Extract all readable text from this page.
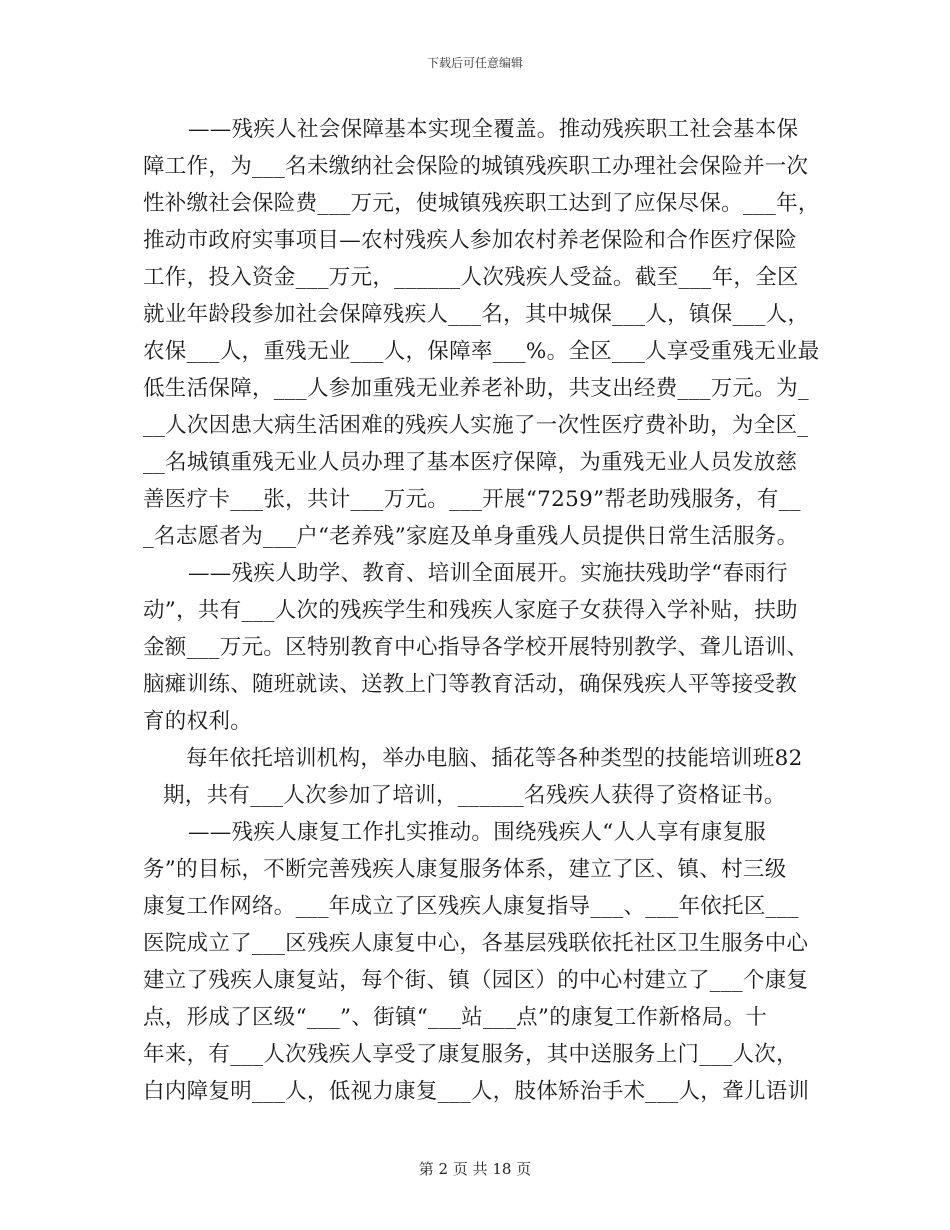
下载后可任意编辑
——残疾人社会保障基本实现全覆盖。推动残疾职工社会基本保
障工作，为___名未缴纳社会保险的城镇残疾职工办理社会保险并一次
性补缴社会保险费___万元，使城镇残疾职工达到了应保尽保。___年，
推动市政府实事项目—农村残疾人参加农村养老保险和合作医疗保险
工作，投入资金___万元，______人次残疾人受益。截至___年，全区
就业年龄段参加社会保障残疾人___名，其中城保___人，镇保___人，
农保___人，重残无业___人，保障率___%。全区___人享受重残无业最
低生活保障，___人参加重残无业养老补助，共支出经费___万元。为_
__人次因患大病生活困难的残疾人实施了一次性医疗费补助，为全区_
__名城镇重残无业人员办理了基本医疗保障，为重残无业人员发放慈
善医疗卡___张，共计___万元。___开展“7259”帮老助残服务，有__
_名志愿者为___户“老养残”家庭及单身重残人员提供日常生活服务。
——残疾人助学、教育、培训全面展开。实施扶残助学“春雨行
动”，共有___人次的残疾学生和残疾人家庭子女获得入学补贴，扶助
金额___万元。区特别教育中心指导各学校开展特别教学、聋儿语训、
脑瘫训练、随班就读、送教上门等教育活动，确保残疾人平等接受教
育的权利。
每年依托培训机构，举办电脑、插花等各种类型的技能培训班82
期，共有___人次参加了培训，______名残疾人获得了资格证书。
——残疾人康复工作扎实推动。围绕残疾人“人人享有康复服
务”的目标，不断完善残疾人康复服务体系，建立了区、镇、村三级
康复工作网络。___年成立了区残疾人康复指导___、___年依托区___
医院成立了___区残疾人康复中心，各基层残联依托社区卫生服务中心
建立了残疾人康复站，每个街、镇（园区）的中心村建立了___个康复
点，形成了区级“___”、街镇“___站___点”的康复工作新格局。十
年来，有___人次残疾人享受了康复服务，其中送服务上门___人次，
白内障复明___人，低视力康复___人，肢体矫治手术___人，聋儿语训
第 2 页 共 18 页
